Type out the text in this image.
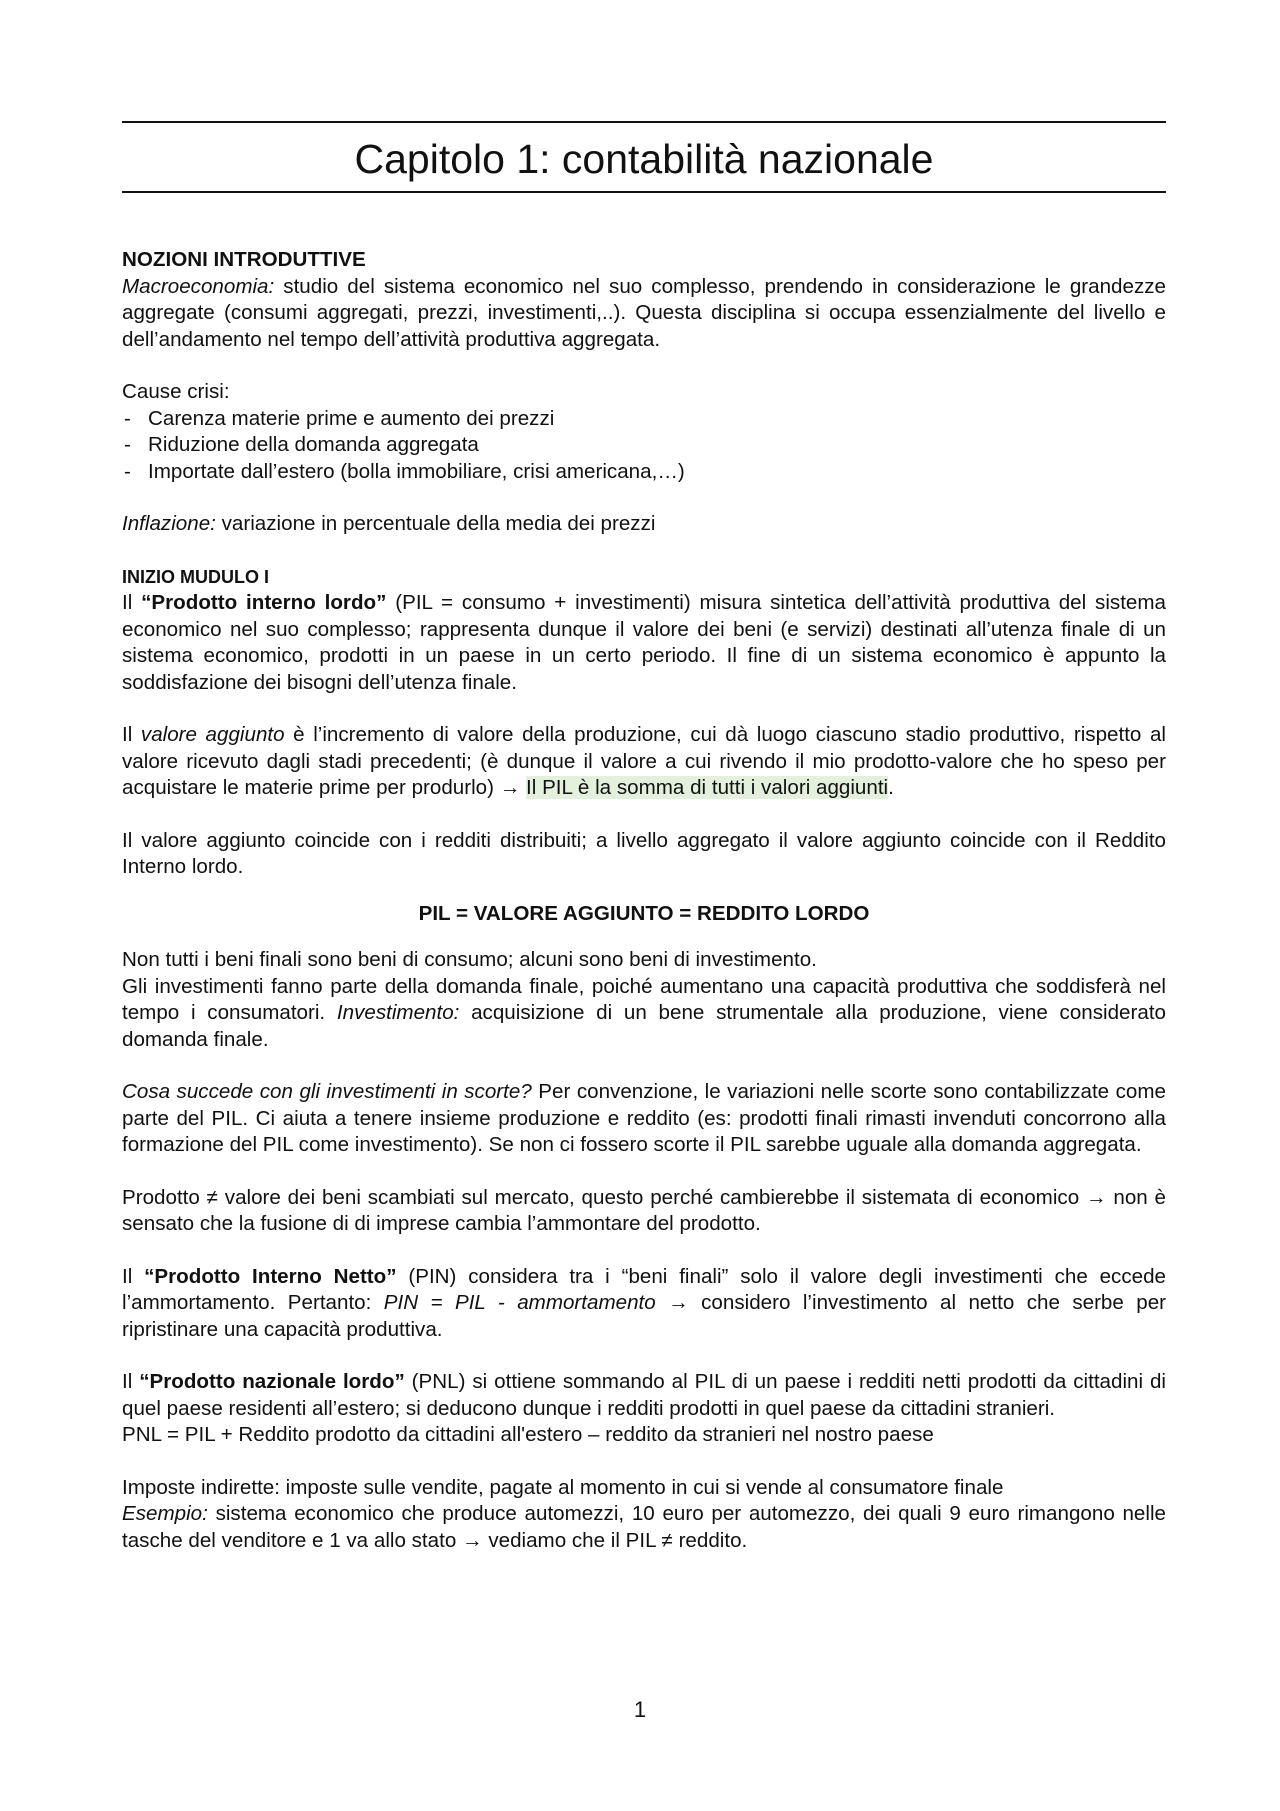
Capitolo 1: contabilità nazionale

NOZIONI INTRODUTTIVE

Macroeconomia: studio del sistema economico nel suo complesso, prendendo in considerazione le grandezze aggregate (consumi aggregati, prezzi, investimenti,..). Questa disciplina si occupa essenzialmente del livello e dell’andamento nel tempo dell’attività produttiva aggregata.

Cause crisi:

- Carenza materie prime e aumento dei prezzi
- Riduzione della domanda aggregata
- Importate dall’estero (bolla immobiliare, crisi americana,…)

Inflazione: variazione in percentuale della media dei prezzi

INIZIO MUDULO I

Il “Prodotto interno lordo” (PIL = consumo + investimenti) misura sintetica dell’attività produttiva del sistema economico nel suo complesso; rappresenta dunque il valore dei beni (e servizi) destinati all’utenza finale di un sistema economico, prodotti in un paese in un certo periodo. Il fine di un sistema economico è appunto la soddisfazione dei bisogni dell’utenza finale.

Il valore aggiunto è l’incremento di valore della produzione, cui dà luogo ciascuno stadio produttivo, rispetto al valore ricevuto dagli stadi precedenti; (è dunque il valore a cui rivendo il mio prodotto-valore che ho speso per acquistare le materie prime per produrlo) → Il PIL è la somma di tutti i valori aggiunti.

Il valore aggiunto coincide con i redditi distribuiti; a livello aggregato il valore aggiunto coincide con il Reddito Interno lordo.

PIL = VALORE AGGIUNTO = REDDITO LORDO

Non tutti i beni finali sono beni di consumo; alcuni sono beni di investimento.

Gli investimenti fanno parte della domanda finale, poiché aumentano una capacità produttiva che soddisferà nel tempo i consumatori. Investimento: acquisizione di un bene strumentale alla produzione, viene considerato domanda finale.

Cosa succede con gli investimenti in scorte? Per convenzione, le variazioni nelle scorte sono contabilizzate come parte del PIL. Ci aiuta a tenere insieme produzione e reddito (es: prodotti finali rimasti invenduti concorrono alla formazione del PIL come investimento). Se non ci fossero scorte il PIL sarebbe uguale alla domanda aggregata.

Prodotto ≠ valore dei beni scambiati sul mercato, questo perché cambierebbe il sistemata di economico → non è sensato che la fusione di di imprese cambia l’ammontare del prodotto.

Il “Prodotto Interno Netto” (PIN) considera tra i “beni finali” solo il valore degli investimenti che eccede l’ammortamento. Pertanto: PIN = PIL - ammortamento → considero l’investimento al netto che serbe per ripristinare una capacità produttiva.

Il “Prodotto nazionale lordo” (PNL) si ottiene sommando al PIL di un paese i redditi netti prodotti da cittadini di quel paese residenti all’estero; si deducono dunque i redditi prodotti in quel paese da cittadini stranieri.

PNL = PIL + Reddito prodotto da cittadini all'estero – reddito da stranieri nel nostro paese

Imposte indirette: imposte sulle vendite, pagate al momento in cui si vende al consumatore finale

Esempio: sistema economico che produce automezzi, 10 euro per automezzo, dei quali 9 euro rimangono nelle tasche del venditore e 1 va allo stato → vediamo che il PIL ≠ reddito.

1
